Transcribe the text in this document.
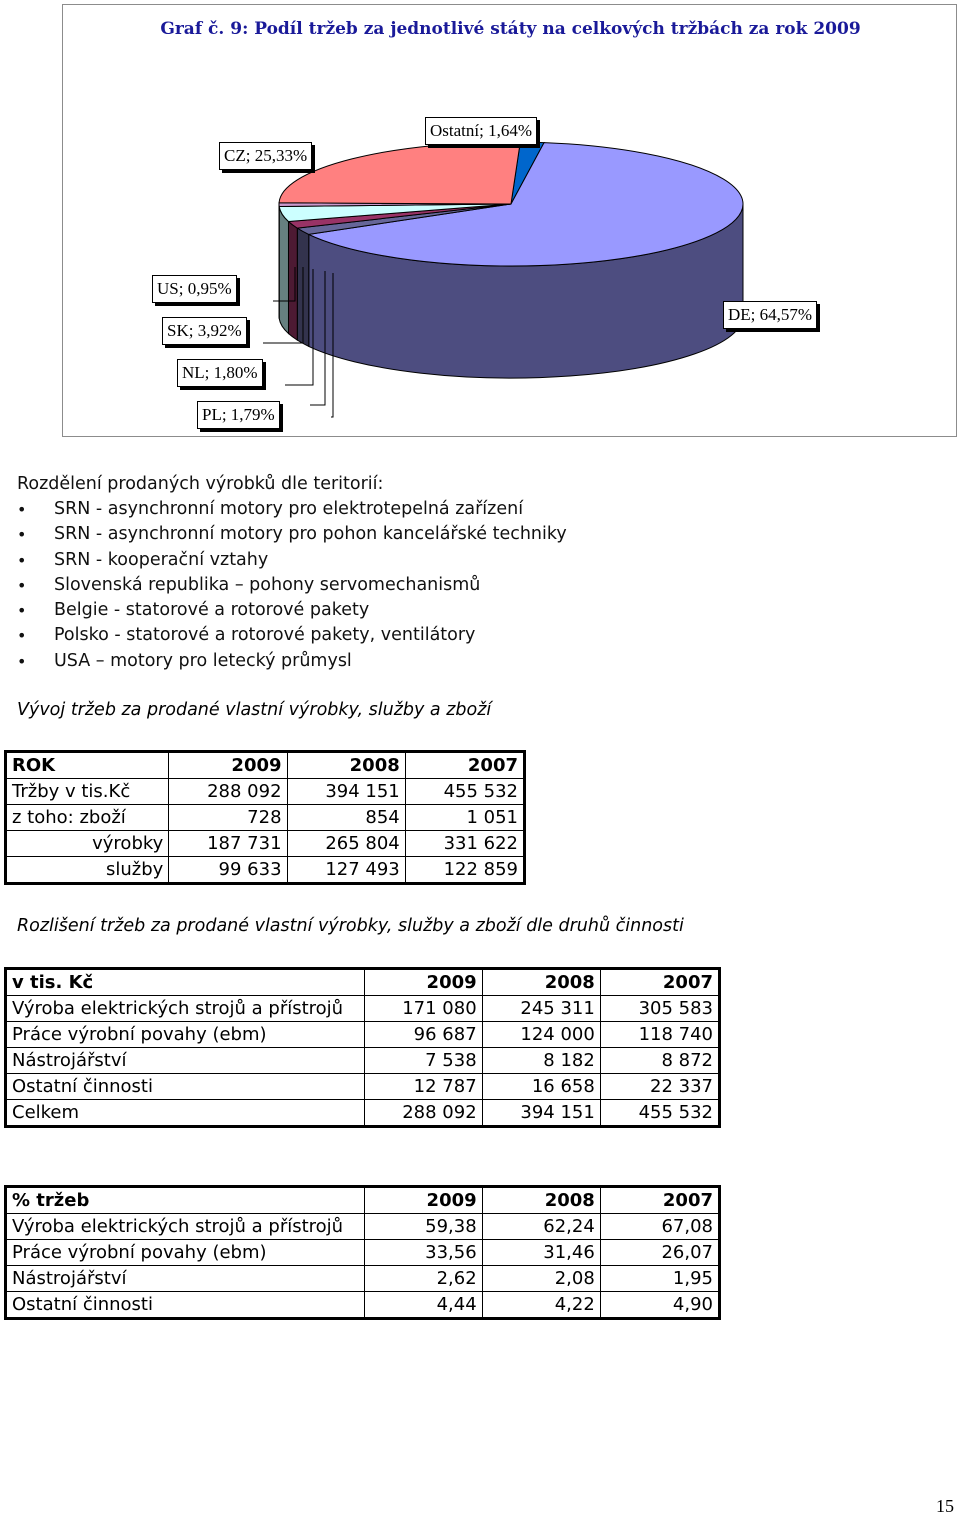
Graf č. 9: Podíl tržeb za jednotlivé státy na celkových tržbách za rok 2009
Ostatní; 1,64%
CZ; 25,33%
US; 0,95%
DE; 64,57%
SK; 3,92%
NL; 1,80%
PL; 1,79%
Rozdělení prodaných výrobků dle teritorií:
• SRN - asynchronní motory pro elektrotepelná zařízení
• SRN - asynchronní motory pro pohon kancelářské techniky
• SRN - kooperační vztahy
• Slovenská republika – pohony servomechanismů
• Belgie - statorové a rotorové pakety
• Polsko - statorové a rotorové pakety, ventilátory
• USA – motory pro letecký průmysl
Vývoj tržeb za prodané vlastní výrobky, služby a zboží
ROK	2009	2008	2007
Tržby v tis.Kč	288 092	394 151	455 532
z toho: zboží	728	854	1 051
výrobky	187 731	265 804	331 622
služby	99 633	127 493	122 859
Rozlišení tržeb za prodané vlastní výrobky, služby a zboží dle druhů činnosti
v tis. Kč	2009	2008	2007
Výroba elektrických strojů a přístrojů	171 080	245 311	305 583
Práce výrobní povahy (ebm)	96 687	124 000	118 740
Nástrojářství	7 538	8 182	8 872
Ostatní činnosti	12 787	16 658	22 337
Celkem	288 092	394 151	455 532
% tržeb	2009	2008	2007
Výroba elektrických strojů a přístrojů	59,38	62,24	67,08
Práce výrobní povahy (ebm)	33,56	31,46	26,07
Nástrojářství	2,62	2,08	1,95
Ostatní činnosti	4,44	4,22	4,90
15
